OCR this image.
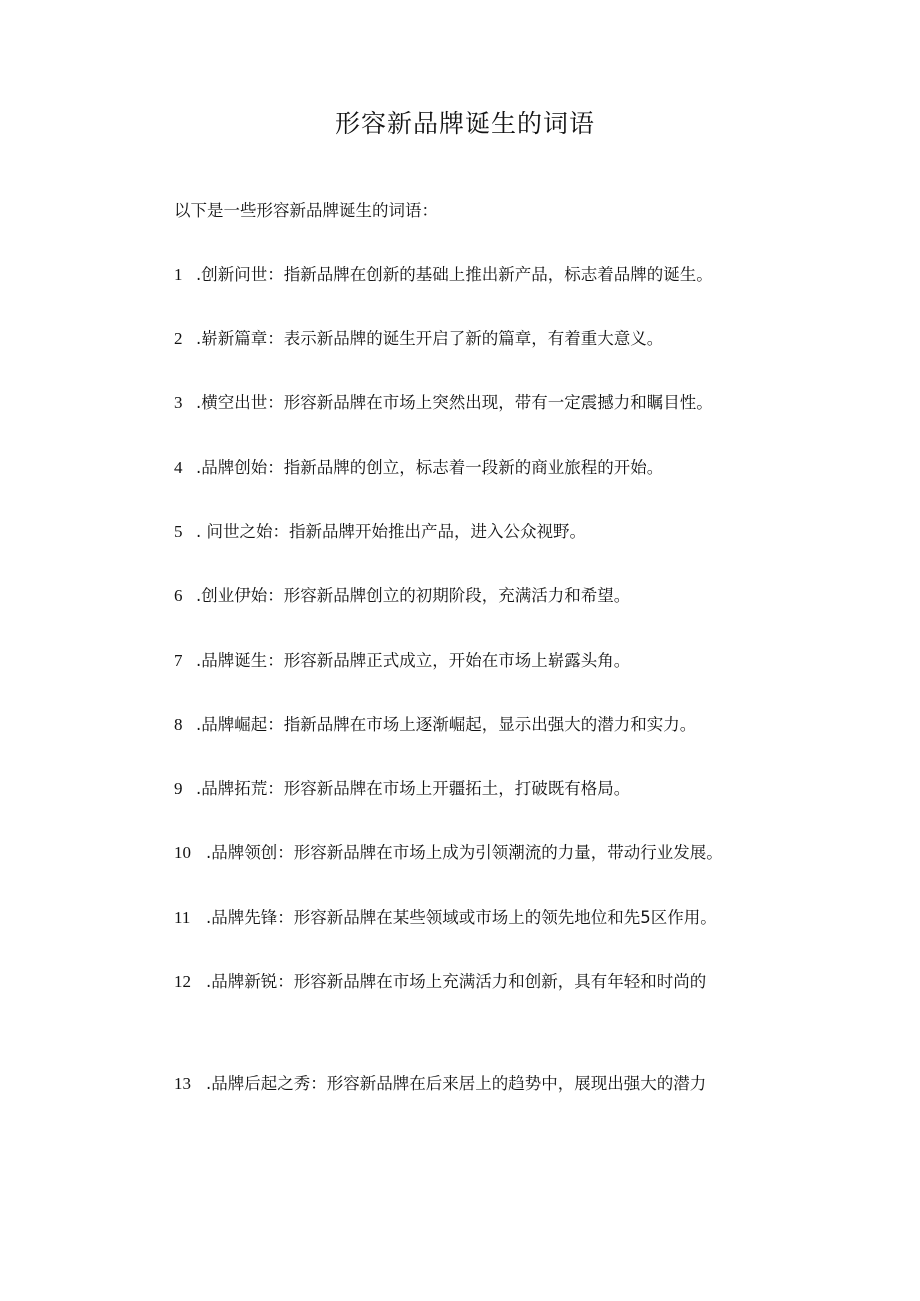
形容新品牌诞生的词语
以下是一些形容新品牌诞生的词语：
1 .创新问世：指新品牌在创新的基础上推出新产品，标志着品牌的诞生。
2 .崭新篇章：表示新品牌的诞生开启了新的篇章，有着重大意义。
3 .横空出世：形容新品牌在市场上突然出现，带有一定震撼力和瞩目性。
4 .品牌创始：指新品牌的创立，标志着一段新的商业旅程的开始。
5 . 问世之始：指新品牌开始推出产品，进入公众视野。
6 .创业伊始：形容新品牌创立的初期阶段，充满活力和希望。
7 .品牌诞生：形容新品牌正式成立，开始在市场上崭露头角。
8 .品牌崛起：指新品牌在市场上逐渐崛起，显示出强大的潜力和实力。
9 .品牌拓荒：形容新品牌在市场上开疆拓土，打破既有格局。
10 .品牌领创：形容新品牌在市场上成为引领潮流的力量，带动行业发展。
11 .品牌先锋：形容新品牌在某些领域或市场上的领先地位和先5区作用。
12 .品牌新锐：形容新品牌在市场上充满活力和创新，具有年轻和时尚的
13 .品牌后起之秀：形容新品牌在后来居上的趋势中，展现出强大的潜力
